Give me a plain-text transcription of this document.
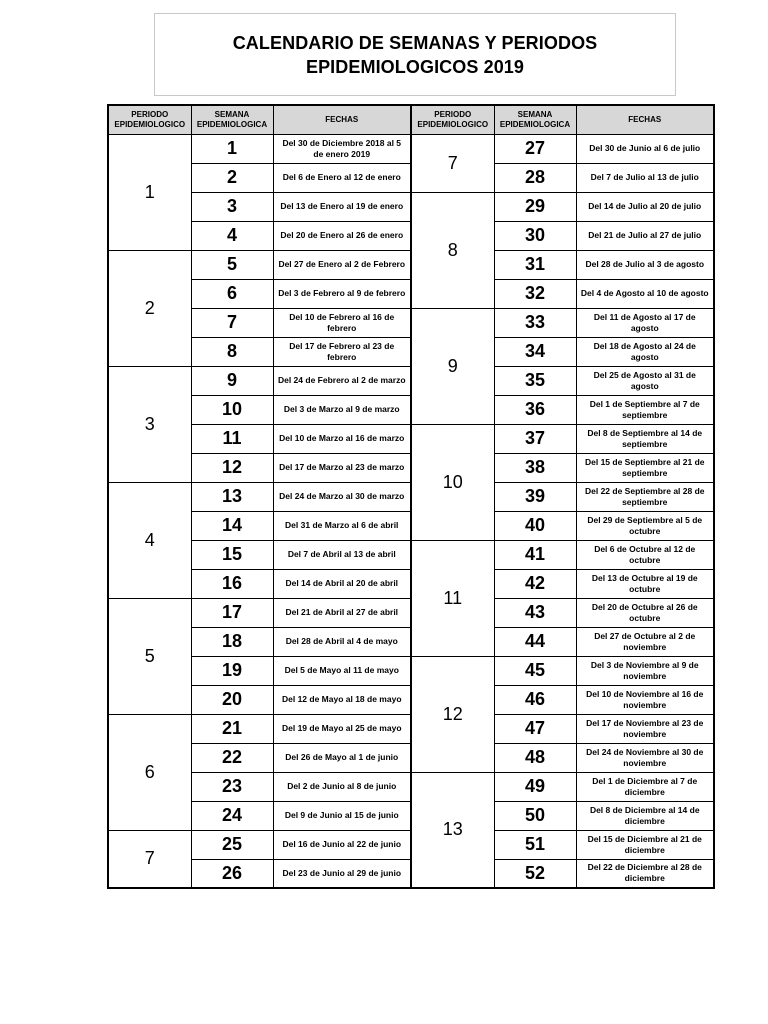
CALENDARIO DE SEMANAS Y PERIODOS
EPIDEMIOLOGICOS 2019
PERIODO EPIDEMIOLOGICO	SEMANA EPIDEMIOLOGICA	FECHAS	PERIODO EPIDEMIOLOGICO	SEMANA EPIDEMIOLOGICA	FECHAS
1	1	Del 30 de Diciembre 2018 al 5 de enero 2019	7	27	Del 30 de Junio al 6 de julio
	2	Del 6 de Enero al 12 de enero		28	Del 7 de Julio al 13 de julio
	3	Del 13 de Enero al 19 de enero	8	29	Del 14 de Julio al 20 de julio
	4	Del 20 de Enero al 26 de enero		30	Del 21 de Julio al 27 de julio
2	5	Del 27 de Enero al 2 de Febrero		31	Del 28 de Julio al 3 de agosto
	6	Del 3 de Febrero al 9 de febrero		32	Del 4 de Agosto al 10 de agosto
	7	Del 10 de Febrero al 16 de febrero	9	33	Del 11 de Agosto al 17 de agosto
	8	Del 17 de Febrero al 23 de febrero		34	Del 18 de Agosto al 24 de agosto
3	9	Del 24 de Febrero al 2 de marzo		35	Del 25 de Agosto al 31 de agosto
	10	Del 3 de Marzo al 9 de marzo		36	Del 1 de Septiembre al 7 de septiembre
	11	Del 10 de Marzo al 16 de marzo	10	37	Del 8 de Septiembre al 14 de septiembre
	12	Del 17 de Marzo al 23 de marzo		38	Del 15 de Septiembre al 21 de septiembre
4	13	Del 24 de Marzo al 30 de marzo		39	Del 22 de Septiembre al 28 de septiembre
	14	Del 31 de Marzo al 6 de abril		40	Del 29 de Septiembre al 5 de octubre
	15	Del 7 de Abril al 13 de abril	11	41	Del 6 de Octubre al 12 de octubre
	16	Del 14 de Abril al 20 de abril		42	Del 13 de Octubre al 19 de octubre
5	17	Del 21 de Abril al 27 de abril		43	Del 20 de Octubre al 26 de octubre
	18	Del 28 de Abril al 4 de mayo		44	Del 27 de Octubre al 2 de noviembre
	19	Del 5 de Mayo al 11 de mayo	12	45	Del 3 de Noviembre al 9 de noviembre
	20	Del 12 de Mayo al 18 de mayo		46	Del 10 de Noviembre al 16 de noviembre
6	21	Del 19 de Mayo al 25 de mayo		47	Del 17 de Noviembre al 23 de noviembre
	22	Del 26 de Mayo al 1 de junio		48	Del 24 de Noviembre al 30 de noviembre
	23	Del 2 de Junio al 8 de junio	13	49	Del 1 de Diciembre al 7 de diciembre
	24	Del 9 de Junio al 15 de junio		50	Del 8 de Diciembre al 14 de diciembre
7	25	Del 16 de Junio al 22 de junio		51	Del 15 de Diciembre al 21 de diciembre
	26	Del 23 de Junio al 29 de junio		52	Del 22 de Diciembre al 28 de diciembre
